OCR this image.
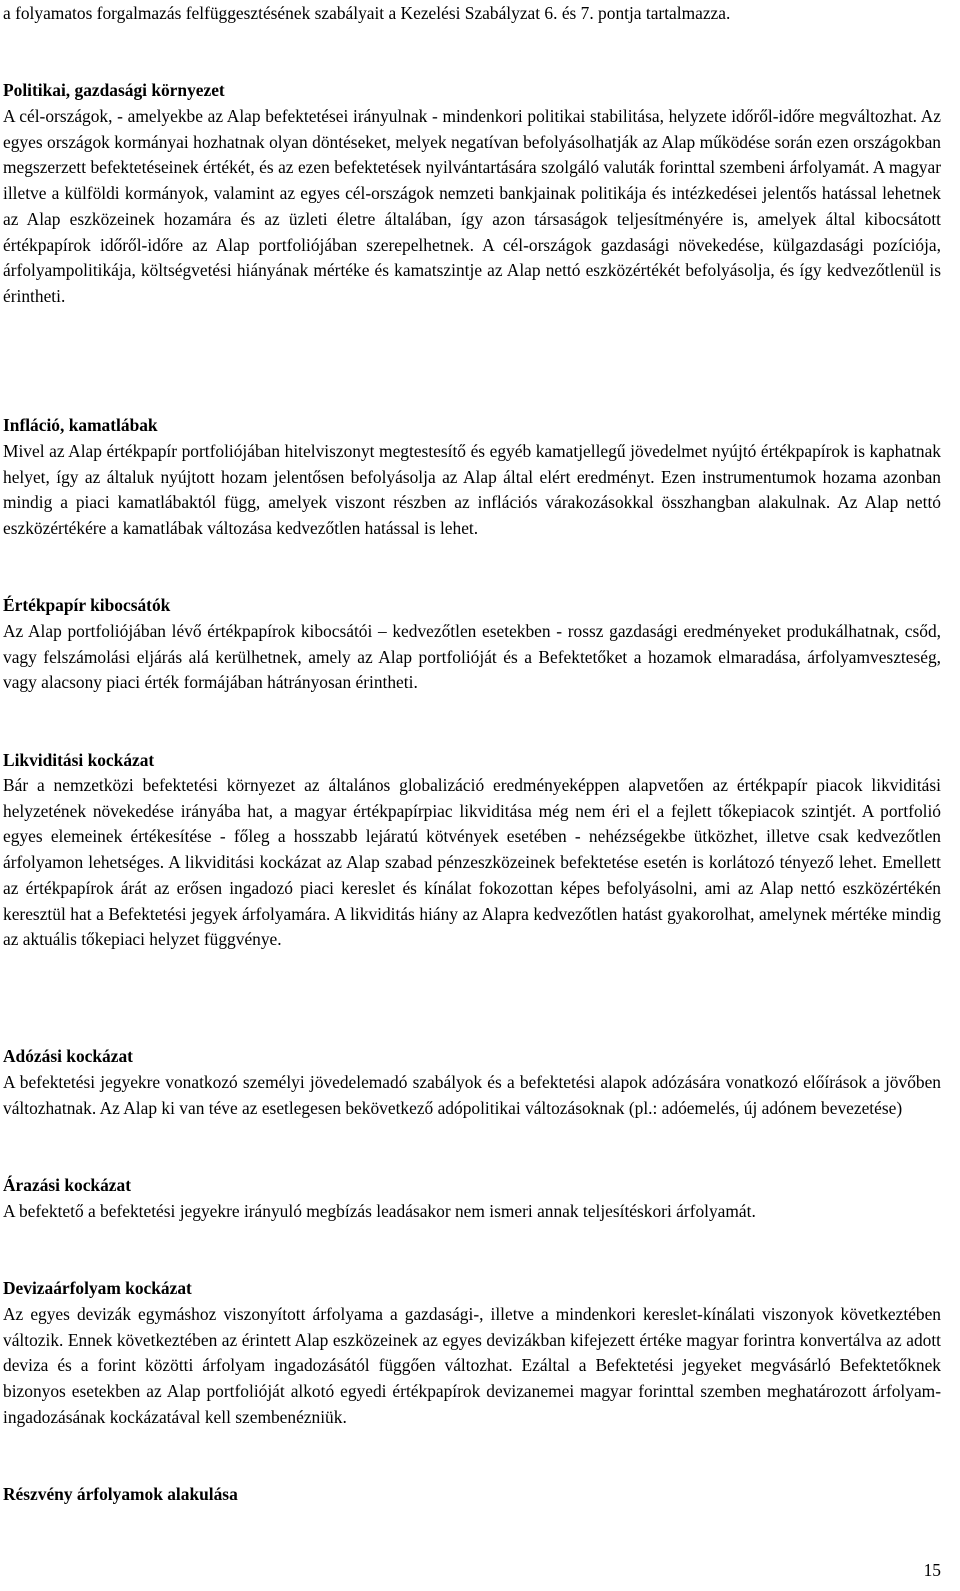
a folyamatos forgalmazás felfüggesztésének szabályait a Kezelési Szabályzat 6. és 7. pontja tartalmazza.

Politikai, gazdasági környezet

A cél-országok, - amelyekbe az Alap befektetései irányulnak - mindenkori politikai stabilitása, helyzete időről-időre megváltozhat. Az egyes országok kormányai hozhatnak olyan döntéseket, melyek negatívan befolyásolhatják az Alap működése során ezen országokban megszerzett befektetéseinek értékét, és az ezen befektetések nyilvántartására szolgáló valuták forinttal szembeni árfolyamát. A magyar illetve a külföldi kormányok, valamint az egyes cél-országok nemzeti bankjainak politikája és intézkedései jelentős hatással lehetnek az Alap eszközeinek hozamára és az üzleti életre általában, így azon társaságok teljesítményére is, amelyek által kibocsátott értékpapírok időről-időre az Alap portfoliójában szerepelhetnek. A cél-országok gazdasági növekedése, külgazdasági pozíciója, árfolyampolitikája, költségvetési hiányának mértéke és kamatszintje az Alap nettó eszközértékét befolyásolja, és így kedvezőtlenül is érintheti.

Infláció, kamatlábak

Mivel az Alap értékpapír portfoliójában hitelviszonyt megtestesítő és egyéb kamatjellegű jövedelmet nyújtó értékpapírok is kaphatnak helyet, így az általuk nyújtott hozam jelentősen befolyásolja az Alap által elért eredményt. Ezen instrumentumok hozama azonban mindig a piaci kamatlábaktól függ, amelyek viszont részben az inflációs várakozásokkal összhangban alakulnak. Az Alap nettó eszközértékére a kamatlábak változása kedvezőtlen hatással is lehet.

Értékpapír kibocsátók

Az Alap portfoliójában lévő értékpapírok kibocsátói – kedvezőtlen esetekben - rossz gazdasági eredményeket produkálhatnak, csőd, vagy felszámolási eljárás alá kerülhetnek, amely az Alap portfolióját és a Befektetőket a hozamok elmaradása, árfolyamveszteség, vagy alacsony piaci érték formájában hátrányosan érintheti.

Likviditási kockázat

Bár a nemzetközi befektetési környezet az általános globalizáció eredményeképpen alapvetően az értékpapír piacok likviditási helyzetének növekedése irányába hat, a magyar értékpapírpiac likviditása még nem éri el a fejlett tőkepiacok szintjét. A portfolió egyes elemeinek értékesítése - főleg a hosszabb lejáratú kötvények esetében - nehézségekbe ütközhet, illetve csak kedvezőtlen árfolyamon lehetséges. A likviditási kockázat az Alap szabad pénzeszközeinek befektetése esetén is korlátozó tényező lehet. Emellett az értékpapírok árát az erősen ingadozó piaci kereslet és kínálat fokozottan képes befolyásolni, ami az Alap nettó eszközértékén keresztül hat a Befektetési jegyek árfolyamára. A likviditás hiány az Alapra kedvezőtlen hatást gyakorolhat, amelynek mértéke mindig az aktuális tőkepiaci helyzet függvénye.

Adózási kockázat

A befektetési jegyekre vonatkozó személyi jövedelemadó szabályok és a befektetési alapok adózására vonatkozó előírások a jövőben változhatnak. Az Alap ki van téve az esetlegesen bekövetkező adópolitikai változásoknak (pl.: adóemelés, új adónem bevezetése)

Árazási kockázat

A befektető a befektetési jegyekre irányuló megbízás leadásakor nem ismeri annak teljesítéskori árfolyamát.

Devizaárfolyam kockázat

Az egyes devizák egymáshoz viszonyított árfolyama a gazdasági-, illetve a mindenkori kereslet-kínálati viszonyok következtében változik. Ennek következtében az érintett Alap eszközeinek az egyes devizákban kifejezett értéke magyar forintra konvertálva az adott deviza és a forint közötti árfolyam ingadozásától függően változhat. Ezáltal a Befektetési jegyeket megvásárló Befektetőknek bizonyos esetekben az Alap portfolióját alkotó egyedi értékpapírok devizanemei magyar forinttal szemben meghatározott árfolyam-ingadozásának kockázatával kell szembenézniük.

Részvény árfolyamok alakulása
15
